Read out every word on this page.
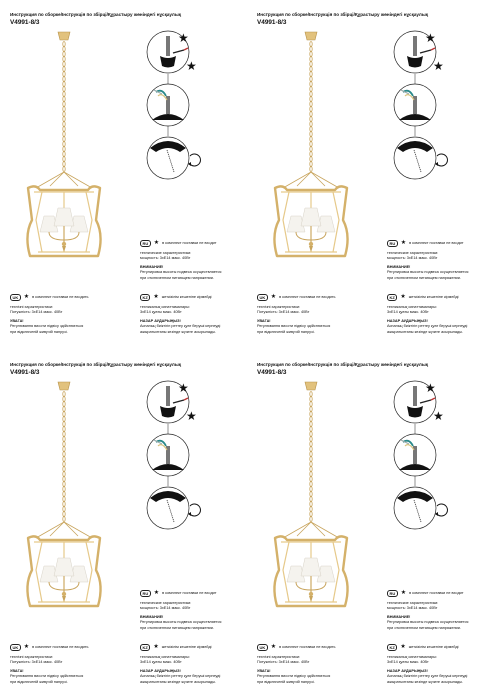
Инструкция по сборке/Інструкція по збірці/Құрастыру жөніндегі нұсқаулық
V4991-8/3
★
★
RU ★ в комплект поставки не входит
технические характеристики:
мощность: 3xE14 макс. 40Вт
ВНИМАНИЕ!
Регулировка высоты подвеса осуществляется
при отключенном питающем напряжении.
KZ ★ жеткізілім кешеніне кірмейді
техникалық сипаттамалары:
3xE14 қуаты макс. 40Вт
НАЗАР АУДАРЫҢЫЗ!
Аспаның биіктігін реттеу қуат беруші кернеуді
ажыратылғаны кезінде жүзеге асырылады.
UK ★ в комплект поставки не входить
технічні характеристики:
Потужність: 3xE14 макс. 40Вт
УВАГА!
Регулювання висоти підвісу здійснюється
при відключеній живучій напрузі.
Инструкция по сборке/Інструкція по збірці/Құрастыру жөніндегі нұсқаулық
V4991-8/3
★
★
RU ★ в комплект поставки не входит
технические характеристики:
мощность: 3xE14 макс. 40Вт
ВНИМАНИЕ!
Регулировка высоты подвеса осуществляется
при отключенном питающем напряжении.
KZ ★ жеткізілім кешеніне кірмейді
техникалық сипаттамалары:
3xE14 қуаты макс. 40Вт
НАЗАР АУДАРЫҢЫЗ!
Аспаның биіктігін реттеу қуат беруші кернеуді
ажыратылғаны кезінде жүзеге асырылады.
UK ★ в комплект поставки не входить
технічні характеристики:
Потужність: 3xE14 макс. 40Вт
УВАГА!
Регулювання висоти підвісу здійснюється
при відключеній живучій напрузі.
Инструкция по сборке/Інструкція по збірці/Құрастыру жөніндегі нұсқаулық
V4991-8/3
★
★
RU ★ в комплект поставки не входит
технические характеристики:
мощность: 3xE14 макс. 40Вт
ВНИМАНИЕ!
Регулировка высоты подвеса осуществляется
при отключенном питающем напряжении.
KZ ★ жеткізілім кешеніне кірмейді
техникалық сипаттамалары:
3xE14 қуаты макс. 40Вт
НАЗАР АУДАРЫҢЫЗ!
Аспаның биіктігін реттеу қуат беруші кернеуді
ажыратылғаны кезінде жүзеге асырылады.
UK ★ в комплект поставки не входить
технічні характеристики:
Потужність: 3xE14 макс. 40Вт
УВАГА!
Регулювання висоти підвісу здійснюється
при відключеній живучій напрузі.
Инструкция по сборке/Інструкція по збірці/Құрастыру жөніндегі нұсқаулық
V4991-8/3
★
★
RU ★ в комплект поставки не входит
технические характеристики:
мощность: 3xE14 макс. 40Вт
ВНИМАНИЕ!
Регулировка высоты подвеса осуществляется
при отключенном питающем напряжении.
KZ ★ жеткізілім кешеніне кірмейді
техникалық сипаттамалары:
3xE14 қуаты макс. 40Вт
НАЗАР АУДАРЫҢЫЗ!
Аспаның биіктігін реттеу қуат беруші кернеуді
ажыратылғаны кезінде жүзеге асырылады.
UK ★ в комплект поставки не входить
технічні характеристики:
Потужність: 3xE14 макс. 40Вт
УВАГА!
Регулювання висоти підвісу здійснюється
при відключеній живучій напрузі.
